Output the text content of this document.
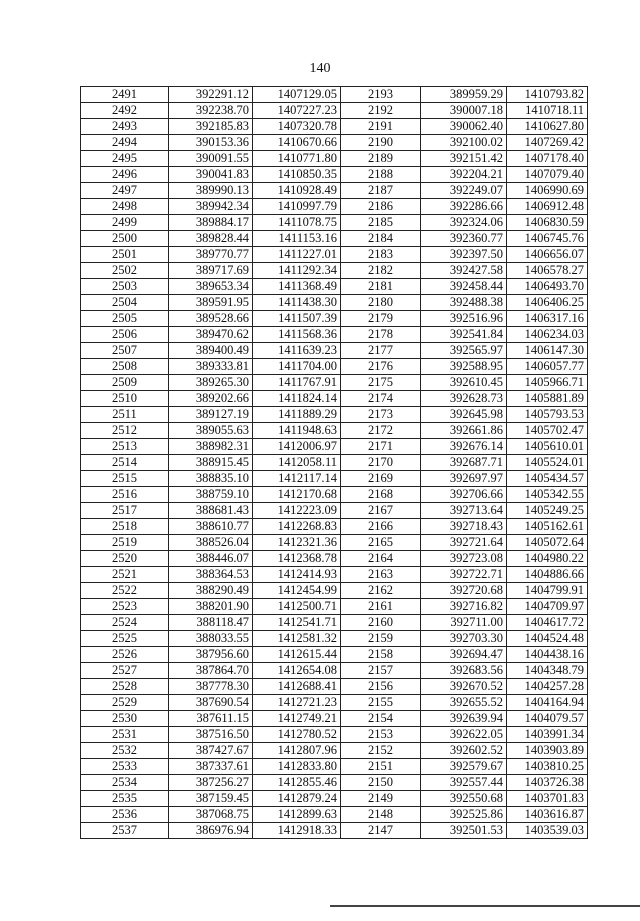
140
2491	392291.12	1407129.05	2193	389959.29	1410793.82
2492	392238.70	1407227.23	2192	390007.18	1410718.11
2493	392185.83	1407320.78	2191	390062.40	1410627.80
2494	390153.36	1410670.66	2190	392100.02	1407269.42
2495	390091.55	1410771.80	2189	392151.42	1407178.40
2496	390041.83	1410850.35	2188	392204.21	1407079.40
2497	389990.13	1410928.49	2187	392249.07	1406990.69
2498	389942.34	1410997.79	2186	392286.66	1406912.48
2499	389884.17	1411078.75	2185	392324.06	1406830.59
2500	389828.44	1411153.16	2184	392360.77	1406745.76
2501	389770.77	1411227.01	2183	392397.50	1406656.07
2502	389717.69	1411292.34	2182	392427.58	1406578.27
2503	389653.34	1411368.49	2181	392458.44	1406493.70
2504	389591.95	1411438.30	2180	392488.38	1406406.25
2505	389528.66	1411507.39	2179	392516.96	1406317.16
2506	389470.62	1411568.36	2178	392541.84	1406234.03
2507	389400.49	1411639.23	2177	392565.97	1406147.30
2508	389333.81	1411704.00	2176	392588.95	1406057.77
2509	389265.30	1411767.91	2175	392610.45	1405966.71
2510	389202.66	1411824.14	2174	392628.73	1405881.89
2511	389127.19	1411889.29	2173	392645.98	1405793.53
2512	389055.63	1411948.63	2172	392661.86	1405702.47
2513	388982.31	1412006.97	2171	392676.14	1405610.01
2514	388915.45	1412058.11	2170	392687.71	1405524.01
2515	388835.10	1412117.14	2169	392697.97	1405434.57
2516	388759.10	1412170.68	2168	392706.66	1405342.55
2517	388681.43	1412223.09	2167	392713.64	1405249.25
2518	388610.77	1412268.83	2166	392718.43	1405162.61
2519	388526.04	1412321.36	2165	392721.64	1405072.64
2520	388446.07	1412368.78	2164	392723.08	1404980.22
2521	388364.53	1412414.93	2163	392722.71	1404886.66
2522	388290.49	1412454.99	2162	392720.68	1404799.91
2523	388201.90	1412500.71	2161	392716.82	1404709.97
2524	388118.47	1412541.71	2160	392711.00	1404617.72
2525	388033.55	1412581.32	2159	392703.30	1404524.48
2526	387956.60	1412615.44	2158	392694.47	1404438.16
2527	387864.70	1412654.08	2157	392683.56	1404348.79
2528	387778.30	1412688.41	2156	392670.52	1404257.28
2529	387690.54	1412721.23	2155	392655.52	1404164.94
2530	387611.15	1412749.21	2154	392639.94	1404079.57
2531	387516.50	1412780.52	2153	392622.05	1403991.34
2532	387427.67	1412807.96	2152	392602.52	1403903.89
2533	387337.61	1412833.80	2151	392579.67	1403810.25
2534	387256.27	1412855.46	2150	392557.44	1403726.38
2535	387159.45	1412879.24	2149	392550.68	1403701.83
2536	387068.75	1412899.63	2148	392525.86	1403616.87
2537	386976.94	1412918.33	2147	392501.53	1403539.03
